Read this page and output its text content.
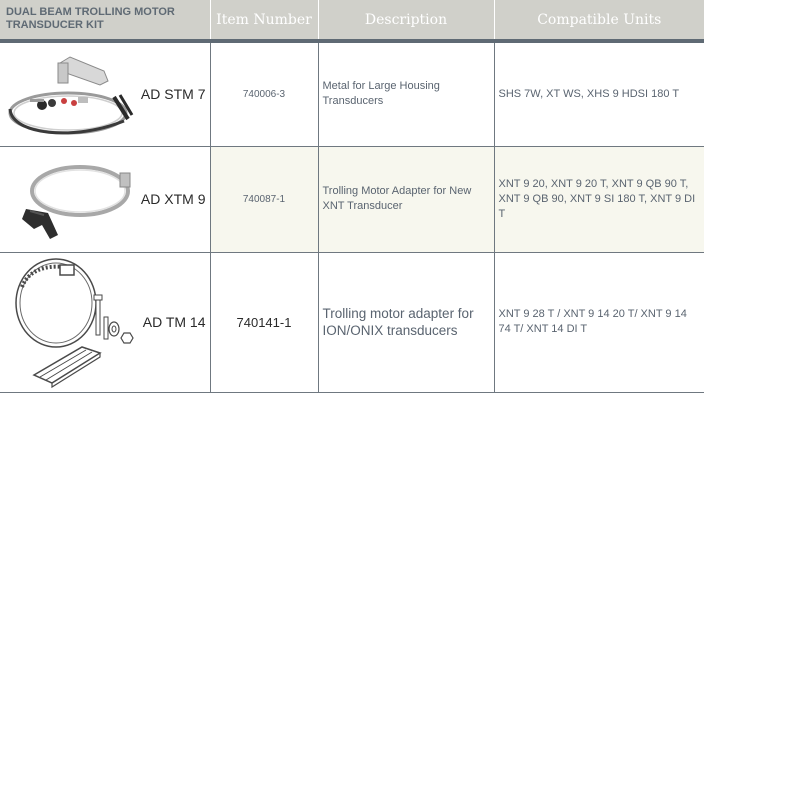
DUAL BEAM TROLLING MOTOR TRANSDUCER KIT	Item Number	Description	Compatible Units

AD STM 7	740006-3	Metal for Large Housing Transducers	SHS 7W, XT WS, XHS 9 HDSI 180 T

AD XTM 9	740087-1	Trolling Motor Adapter for New XNT Transducer	XNT 9 20, XNT 9 20 T, XNT 9 QB 90 T, XNT 9 QB 90, XNT 9 SI 180 T, XNT 9 DI T

AD TM 14	740141-1	Trolling motor adapter for ION/ONIX transducers	XNT 9 28 T / XNT 9 14 20 T/ XNT 9 14 74 T/ XNT 14 DI T
